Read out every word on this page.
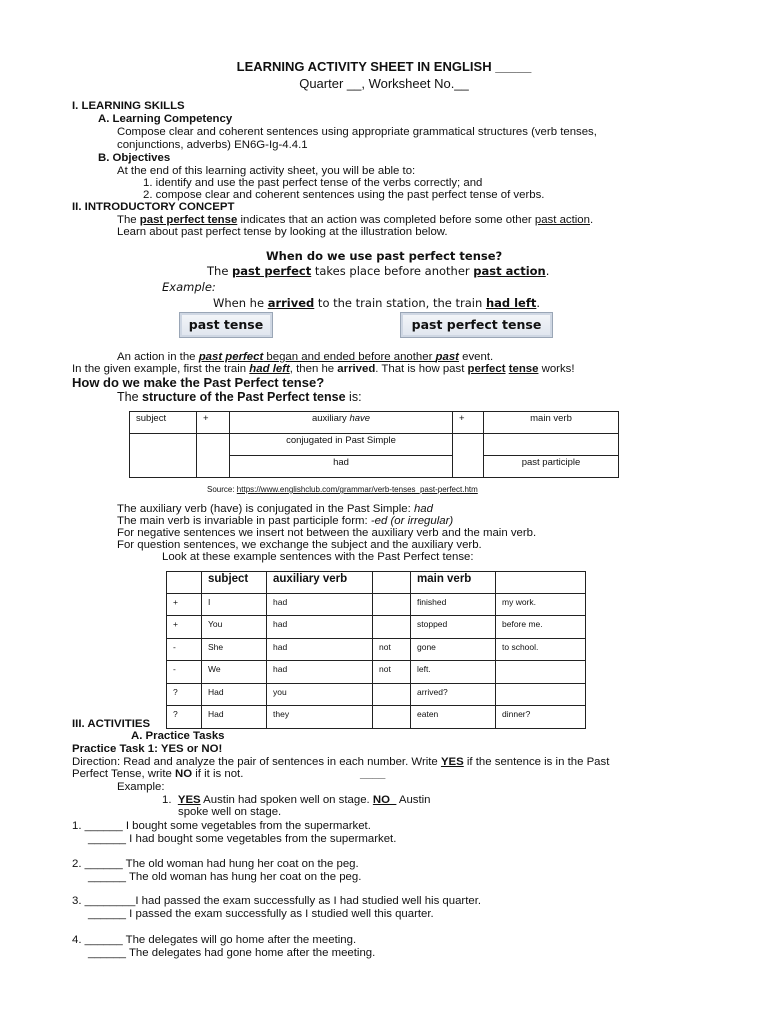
LEARNING ACTIVITY SHEET IN ENGLISH _____
Quarter __, Worksheet No.__
I. LEARNING SKILLS
A. Learning Competency
Compose clear and coherent sentences using appropriate grammatical structures (verb tenses,
conjunctions, adverbs) EN6G-Ig-4.4.1
B. Objectives
At the end of this learning activity sheet, you will be able to:
1. identify and use the past perfect tense of the verbs correctly; and
2. compose clear and coherent sentences using the past perfect tense of verbs.
II. INTRODUCTORY CONCEPT
The past perfect tense indicates that an action was completed before some other past action.
Learn about past perfect tense by looking at the illustration below.
When do we use past perfect tense?
The past perfect takes place before another past action.
Example:
When he arrived to the train station, the train had left.
past tense	past perfect tense
An action in the past perfect began and ended before another past event.
In the given example, first the train had left, then he arrived. That is how past perfect tense works!
How do we make the Past Perfect tense?
The structure of the Past Perfect tense is:
subject	+	auxiliary have	+	main verb
		conjugated in Past Simple		
		had		past participle
Source: https://www.englishclub.com/grammar/verb-tenses_past-perfect.htm
The auxiliary verb (have) is conjugated in the Past Simple: had
The main verb is invariable in past participle form: -ed (or irregular)
For negative sentences we insert not between the auxiliary verb and the main verb.
For question sentences, we exchange the subject and the auxiliary verb.
Look at these example sentences with the Past Perfect tense:
	subject	auxiliary verb		main verb	
+	I	had		finished	my work.
+	You	had		stopped	before me.
-	She	had	not	gone	to school.
-	We	had	not	left.	
?	Had	you		arrived?	
?	Had	they		eaten	dinner?
III. ACTIVITIES
A. Practice Tasks
Practice Task 1: YES or NO!
Direction: Read and analyze the pair of sentences in each number. Write YES if the sentence is in the Past
Perfect Tense, write NO if it is not.	____
Example:
1. YES Austin had spoken well on stage. NO_ Austin
spoke well on stage.
1. ______ I bought some vegetables from the supermarket.
______ I had bought some vegetables from the supermarket.
2. ______ The old woman had hung her coat on the peg.
______ The old woman has hung her coat on the peg.
3. ________I had passed the exam successfully as I had studied well his quarter.
______ I passed the exam successfully as I studied well this quarter.
4. ______ The delegates will go home after the meeting.
______ The delegates had gone home after the meeting.
